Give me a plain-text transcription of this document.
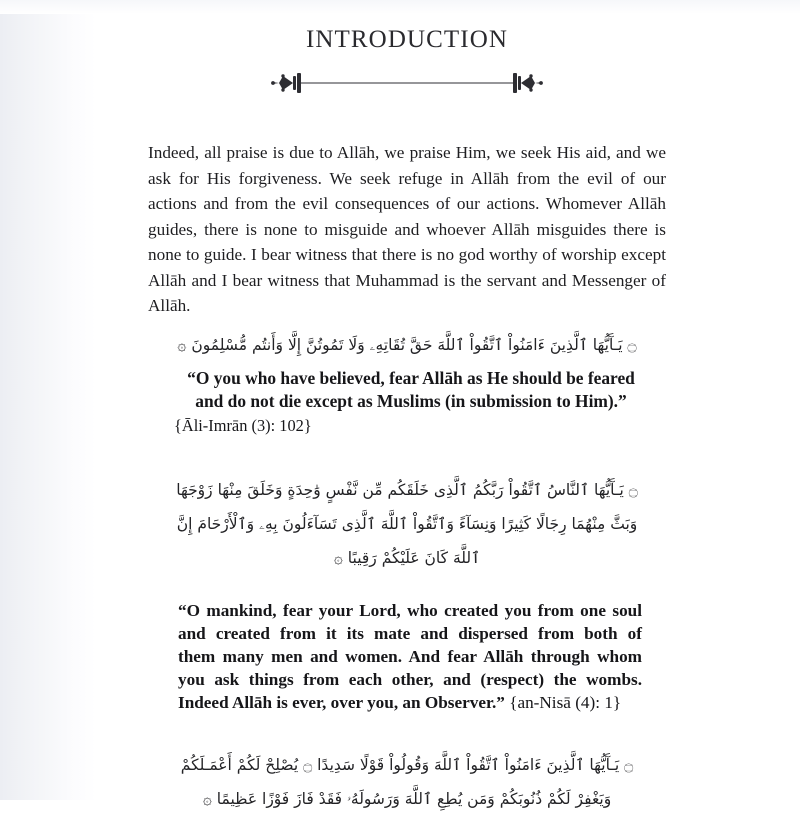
INTRODUCTION

Indeed, all praise is due to Allāh, we praise Him, we seek His aid, and we ask for His forgiveness. We seek refuge in Allāh from the evil of our actions and from the evil consequences of our actions. Whomever Allāh guides, there is none to misguide and whoever Allāh misguides there is none to guide. I bear witness that there is no god worthy of worship except Allāh and I bear witness that Muhammad is the servant and Messenger of Allāh.

۝ يَـآَيُّهَا ٱلَّذِينَ ءَامَنُواْ ٱتَّقُواْ ٱللَّهَ حَقَّ تُقَاتِهِۦ وَلَا تَمُوتُنَّ إِلَّا وَأَنتُم مُّسْلِمُونَ ۞
“O you who have believed, fear Allāh as He should be feared
and do not die except as Muslims (in submission to Him).”
{Āli-Imrān (3): 102}
۝ يَـآَيُّهَا ٱلنَّاسُ ٱتَّقُواْ رَبَّكُمُ ٱلَّذِى خَلَقَكُم مِّن نَّفْسٍ وَٰحِدَةٍ وَخَلَقَ مِنْهَا زَوْجَهَا
وَبَثَّ مِنْهُمَا رِجَالًا كَثِيرًا وَنِسَآءً وَٱتَّقُواْ ٱللَّهَ ٱلَّذِى تَسَآءَلُونَ بِهِۦ وَٱلْأَرْحَامَ إِنَّ
ٱللَّهَ كَانَ عَلَيْكُمْ رَقِيبًا ۞
“O mankind, fear your Lord, who created you from one soul
and created from it its mate and dispersed from both of
them many men and women. And fear Allāh through whom
you ask things from each other, and (respect) the wombs.
Indeed Allāh is ever, over you, an Observer.” {an-Nisā (4): 1}
۝ يَـآَيُّهَا ٱلَّذِينَ ءَامَنُواْ ٱتَّقُواْ ٱللَّهَ وَقُولُواْ قَوْلًا سَدِيدًا ۝ يُصْلِحْ لَكُمْ أَعْمَـلَكُمْ
وَيَغْفِرْ لَكُمْ ذُنُوبَكُمْ وَمَن يُطِعِ ٱللَّهَ وَرَسُولَهُۥ فَقَدْ فَازَ فَوْزًا عَظِيمًا ۞
